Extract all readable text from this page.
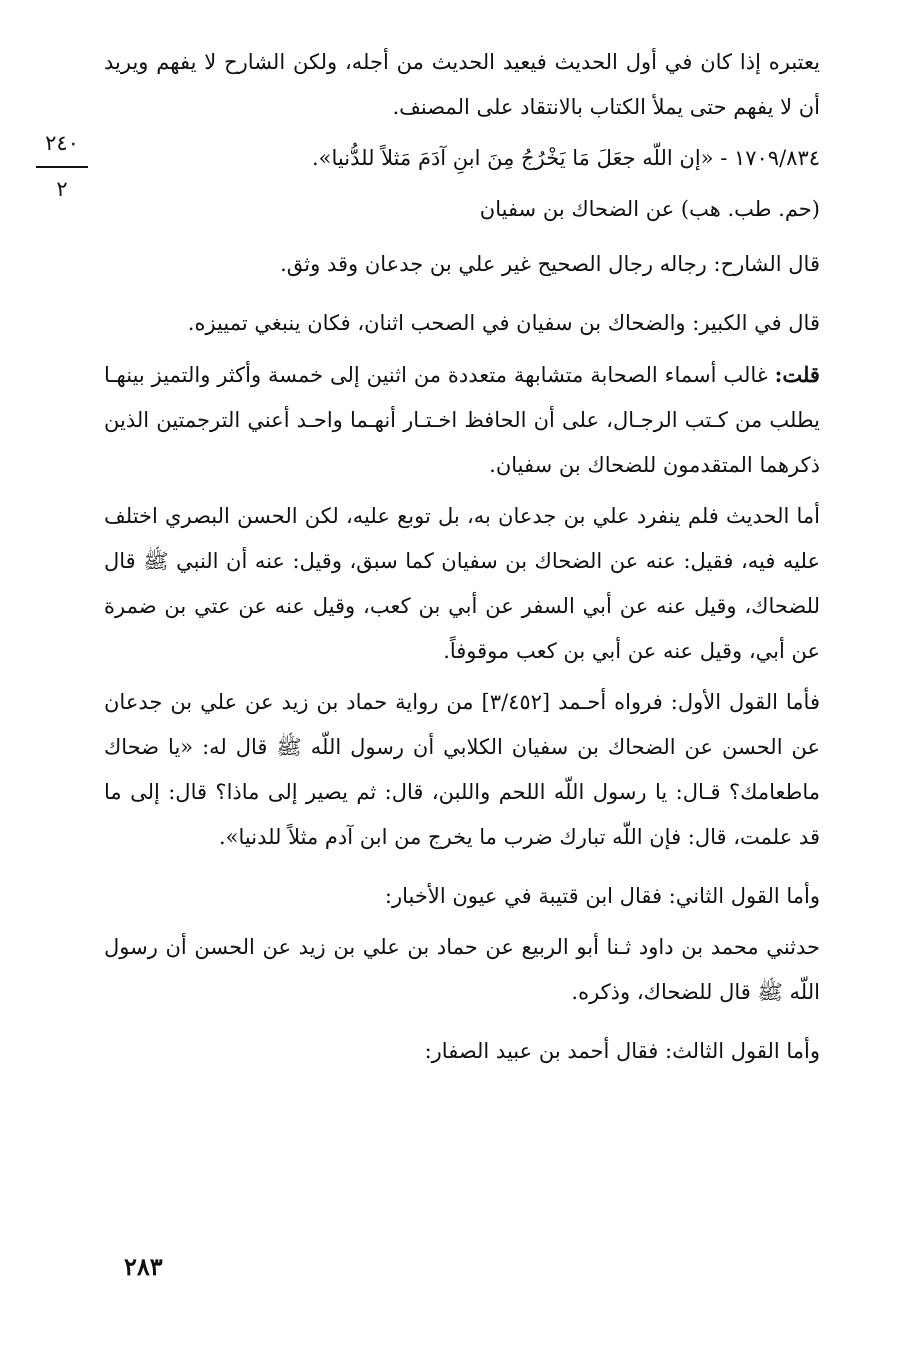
٢٤٠
٢

يعتبره إذا كان في أول الحديث فيعيد الحديث من أجله، ولكن الشارح لا يفهم ويريد أن لا يفهم حتى يملأ الكتاب بالانتقاد على المصنف.

١٧٠٩/٨٣٤ - «إن اللّه جعَلَ مَا يَخْرُجُ مِنَ ابنِ آدَمَ مَثلاً للدُّنيا».

(حم. طب. هب) عن الضحاك بن سفيان

قال الشارح: رجاله رجال الصحيح غير علي بن جدعان وقد وثق.

قال في الكبير: والضحاك بن سفيان في الصحب اثنان، فكان ينبغي تمييزه.

قلت: غالب أسماء الصحابة متشابهة متعددة من اثنين إلى خمسة وأكثر والتميز بينهـا يطلب من كـتب الرجـال، على أن الحافظ اخـتـار أنهـما واحـد أعني الترجمتين الذين ذكرهما المتقدمون للضحاك بن سفيان.

أما الحديث فلم ينفرد علي بن جدعان به، بل توبع عليه، لكن الحسن البصري اختلف عليه فيه، فقيل: عنه عن الضحاك بن سفيان كما سبق، وقيل: عنه أن النبي ﷺ قال للضحاك، وقيل عنه عن أبي السفر عن أبي بن كعب، وقيل عنه عن عتي بن ضمرة عن أبي، وقيل عنه عن أبي بن كعب موقوفاً.

فأما القول الأول: فرواه أحـمد [٣/٤٥٢] من رواية حماد بن زيد عن علي بن جدعان عن الحسن عن الضحاك بن سفيان الكلابي أن رسول اللّه ﷺ قال له: «يا ضحاك ماطعامك؟ قـال: يا رسول اللّه اللحم واللبن، قال: ثم يصير إلى ماذا؟ قال: إلى ما قد علمت، قال: فإن اللّه تبارك ضرب ما يخرج من ابن آدم مثلاً للدنيا».

وأما القول الثاني: فقال ابن قتيبة في عيون الأخبار:

حدثني محمد بن داود ثـنا أبو الربيع عن حماد بن علي بن زيد عن الحسن أن رسول اللّه ﷺ قال للضحاك، وذكره.

وأما القول الثالث: فقال أحمد بن عبيد الصفار:

٢٨٣
